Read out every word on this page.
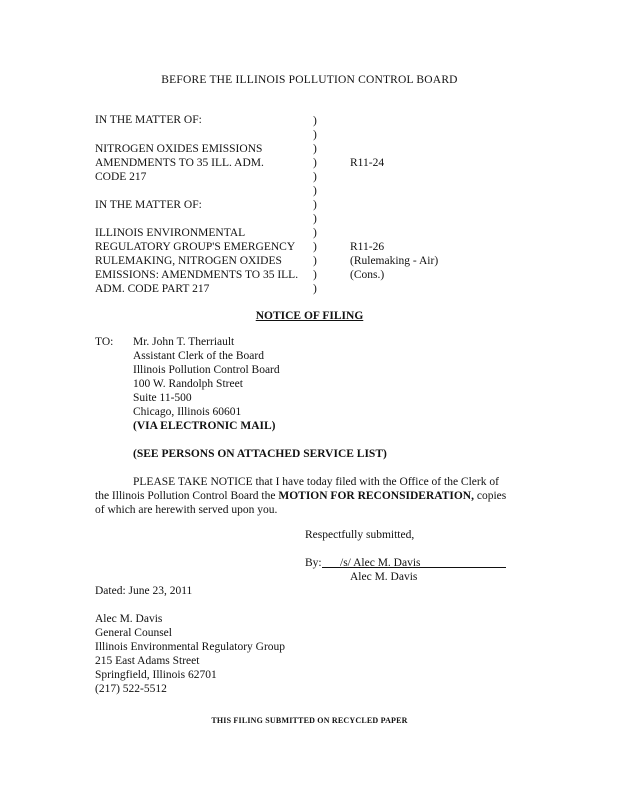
BEFORE THE ILLINOIS POLLUTION CONTROL BOARD
IN THE MATTER OF:
NITROGEN OXIDES EMISSIONS
AMENDMENTS TO 35 ILL. ADM.
CODE 217
IN THE MATTER OF:
ILLINOIS ENVIRONMENTAL
REGULATORY GROUP'S EMERGENCY
RULEMAKING, NITROGEN OXIDES
EMISSIONS: AMENDMENTS TO 35 ILL.
ADM. CODE PART 217
)
)
)
)
)
)
)
)
)
)
)
)
)
R11-24
R11-26
(Rulemaking - Air)
(Cons.)
NOTICE OF FILING
TO: Mr. John T. Therriault
Assistant Clerk of the Board
Illinois Pollution Control Board
100 W. Randolph Street
Suite 11-500
Chicago, Illinois 60601
(VIA ELECTRONIC MAIL)
(SEE PERSONS ON ATTACHED SERVICE LIST)
PLEASE TAKE NOTICE that I have today filed with the Office of the Clerk of
the Illinois Pollution Control Board the MOTION FOR RECONSIDERATION, copies
of which are herewith served upon you.
Respectfully submitted,
By: /s/ Alec M. Davis
Alec M. Davis
Dated: June 23, 2011
Alec M. Davis
General Counsel
Illinois Environmental Regulatory Group
215 East Adams Street
Springfield, Illinois 62701
(217) 522-5512
THIS FILING SUBMITTED ON RECYCLED PAPER
